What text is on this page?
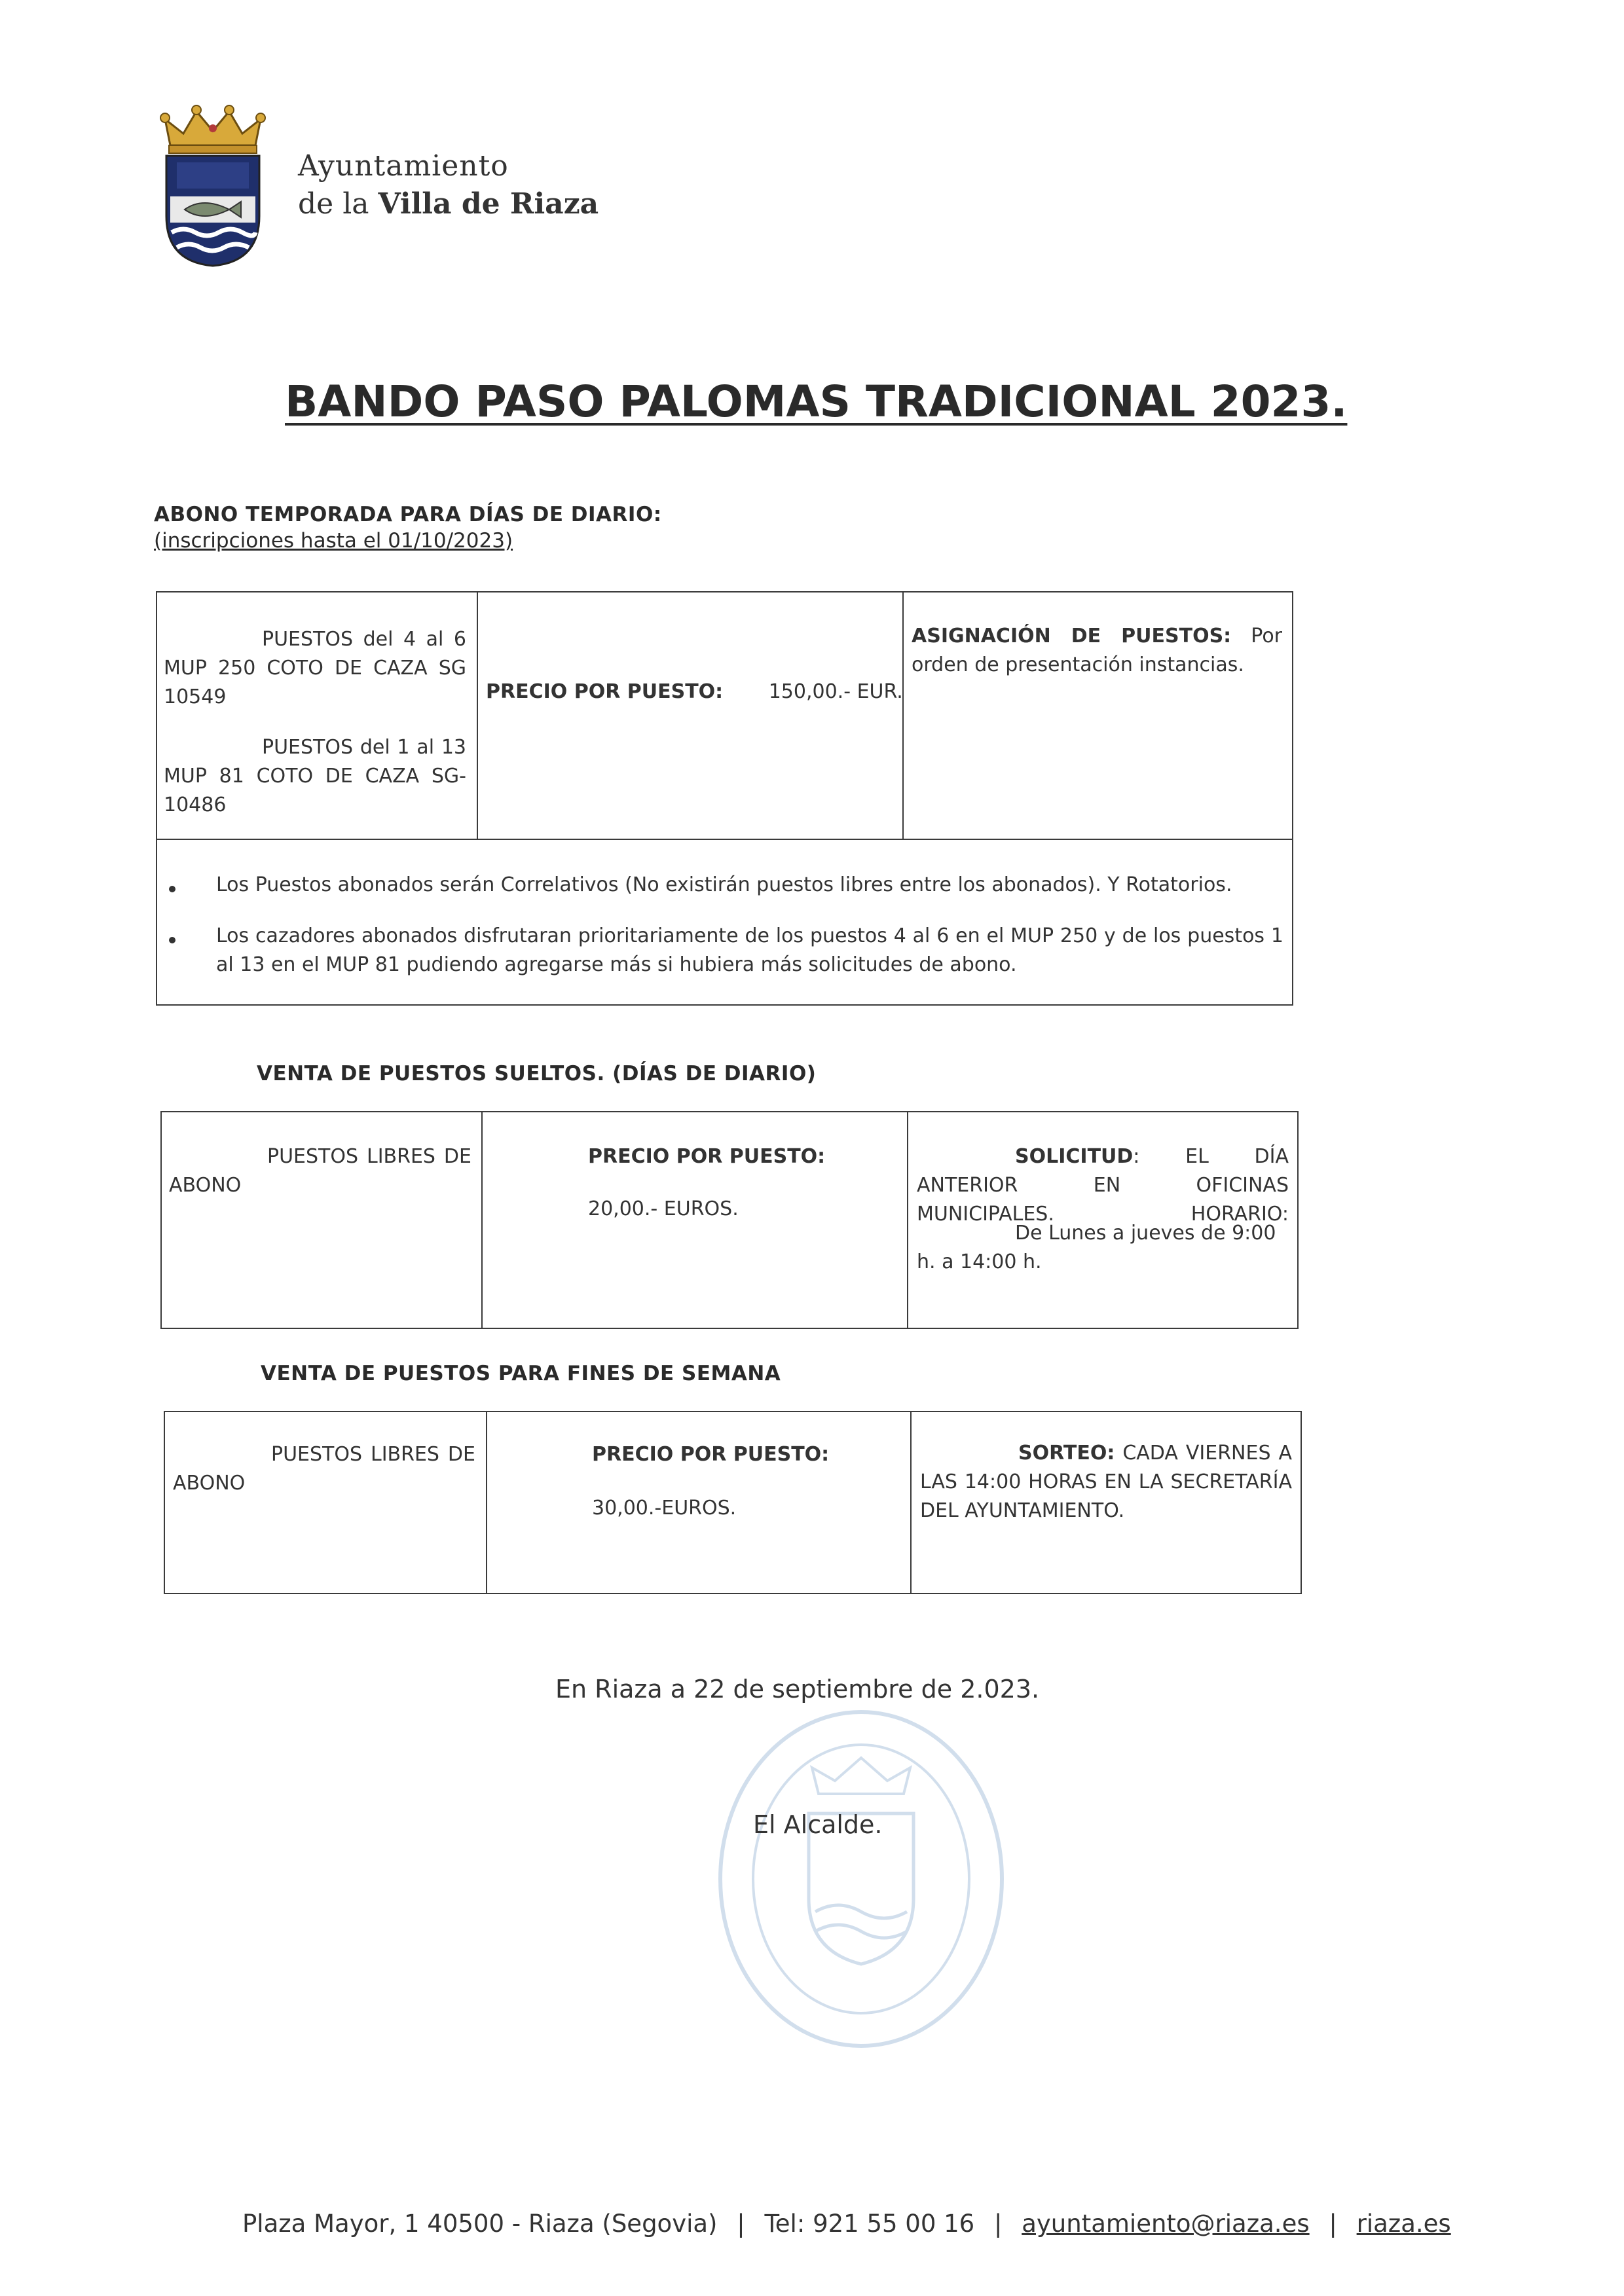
Ayuntamiento
de la Villa de Riaza
BANDO PASO PALOMAS TRADICIONAL 2023.
ABONO TEMPORADA PARA DÍAS DE DIARIO:
(inscripciones hasta el 01/10/2023)
PUESTOS del 4 al 6 MUP 250 COTO DE CAZA SG 10549
PUESTOS del 1 al 13 MUP 81 COTO DE CAZA SG-10486
PRECIO POR PUESTO: 150,00.- EUR.
ASIGNACIÓN DE PUESTOS: Por orden de presentación instancias.
Los Puestos abonados serán Correlativos (No existirán puestos libres entre los abonados). Y Rotatorios.
Los cazadores abonados disfrutaran prioritariamente de los puestos 4 al 6 en el MUP 250 y de los puestos 1 al 13 en el MUP 81 pudiendo agregarse más si hubiera más solicitudes de abono.
VENTA DE PUESTOS SUELTOS. (DÍAS DE DIARIO)
PUESTOS LIBRES DE ABONO
PRECIO POR PUESTO:
20,00.- EUROS.
SOLICITUD: EL DÍA ANTERIOR EN OFICINAS MUNICIPALES. HORARIO:
De Lunes a jueves de 9:00 h. a 14:00 h.
VENTA DE PUESTOS PARA FINES DE SEMANA
PUESTOS LIBRES DE ABONO
PRECIO POR PUESTO:
30,00.-EUROS.
SORTEO: CADA VIERNES A LAS 14:00 HORAS EN LA SECRETARÍA DEL AYUNTAMIENTO.
En Riaza a 22 de septiembre de 2.023.
El Alcalde.
Plaza Mayor, 1 40500 - Riaza (Segovia) | Tel: 921 55 00 16 | ayuntamiento@riaza.es | riaza.es
